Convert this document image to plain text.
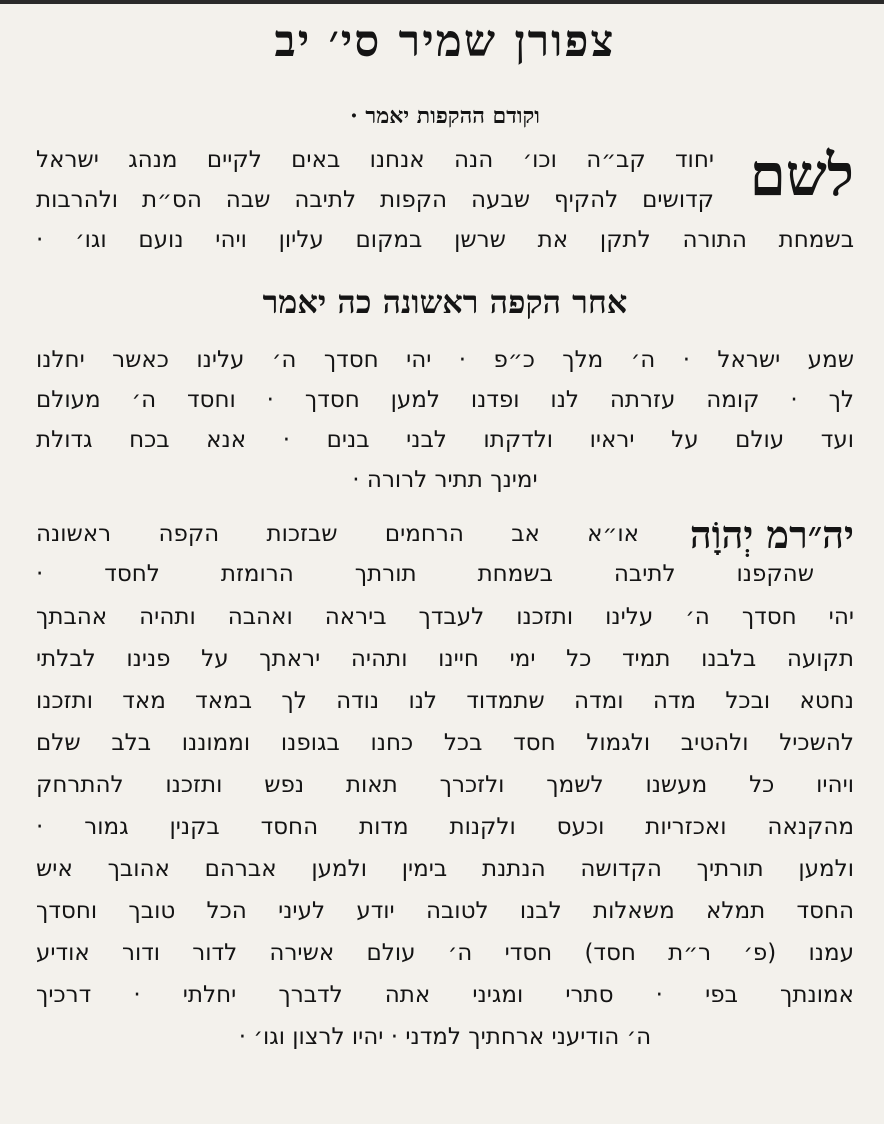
צפורן שמיר סי׳ יב
וקודם ההקפות יאמר ·
לשם
יחוד קב״ה וכו׳ הנה אנחנו באים לקיים מנהג ישראל
קדושים להקיף שבעה הקפות לתיבה שבה הס״ת ולהרבות
בשמחת התורה לתקן את שרשן במקום עליון ויהי נועם וגו׳ ·
אחר הקפה ראשונה כה יאמר
שמע ישראל · ה׳ מלך כ״פ · יהי חסדך ה׳ עלינו כאשר יחלנו
לך · קומה עזרתה לנו ופדנו למען חסדך · וחסד ה׳ מעולם
ועד עולם על יראיו ולדקתו לבני בנים · אנא בכח גדולת
ימינך תתיר לרורה ·
יה״רמ יְהוָֹה
או״א אב הרחמים שבזכות הקפה ראשונה
שהקפנו לתיבה בשמחת תורתך הרומזת לחסד ·
יהי חסדך ה׳ עלינו ותזכנו לעבדך ביראה ואהבה ותהיה אהבתך
תקועה בלבנו תמיד כל ימי חיינו ותהיה יראתך על פנינו לבלתי
נחטא ובכל מדה ומדה שתמדוד לנו נודה לך במאד מאד ותזכנו
להשכיל ולהטיב ולגמול חסד בכל כחנו בגופנו וממוננו בלב שלם
ויהיו כל מעשנו לשמך ולזכרך תאות נפש ותזכנו להתרחק
מהקנאה ואכזריות וכעס ולקנות מדות החסד בקנין גמור ·
ולמען תורתיך הקדושה הנתנת בימין ולמען אברהם אהובך איש
החסד תמלא משאלות לבנו לטובה יודע לעיני הכל טובך וחסדך
עמנו (פ׳ ר״ת חסד) חסדי ה׳ עולם אשירה לדור ודור אודיע
אמונתך בפי · סתרי ומגיני אתה לדברך יחלתי · דרכיך
ה׳ הודיעני ארחתיך למדני · יהיו לרצון וגו׳ ·
